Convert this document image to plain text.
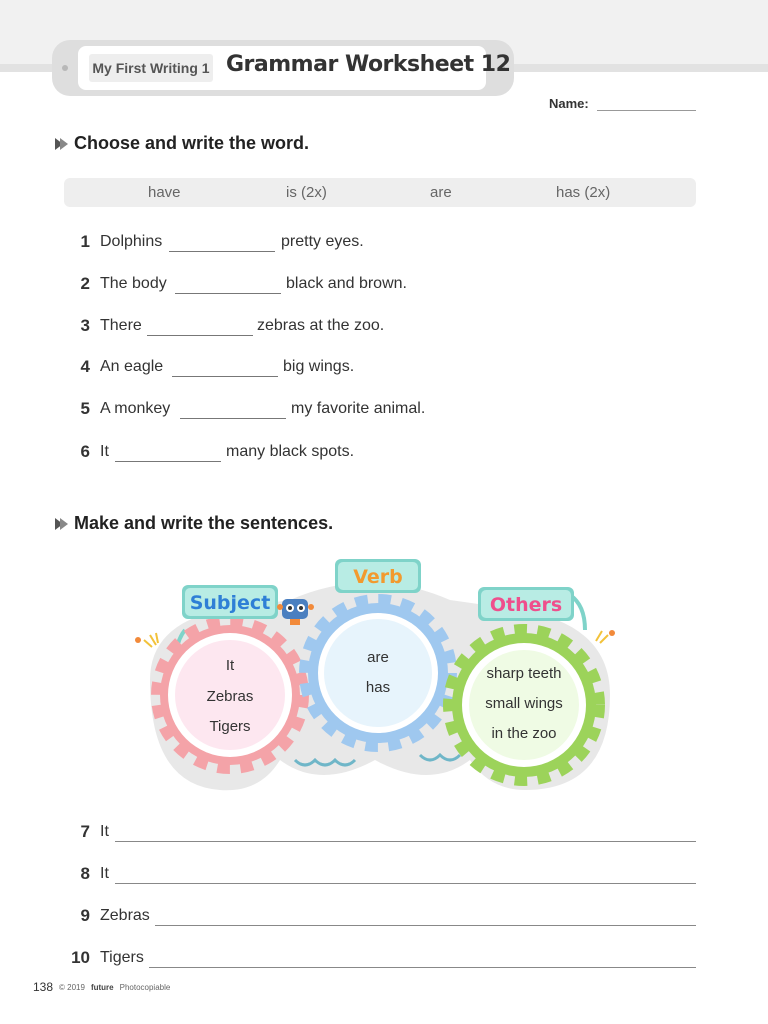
My First Writing 1 Grammar Worksheet 12
Name:
Choose and write the word.
have	is (2x)	are	has (2x)
1 Dolphins	pretty eyes.
2 The body	black and brown.
3 There	zebras at the zoo.
4 An eagle	big wings.
5 A monkey	my favorite animal.
6 It	many black spots.
Make and write the sentences.
Subject
Verb
Others
It
Zebras
Tigers
are
has
sharp teeth
small wings
in the zoo
7 It
8 It
9 Zebras
10 Tigers
138 © 2019 future Photocopiable
